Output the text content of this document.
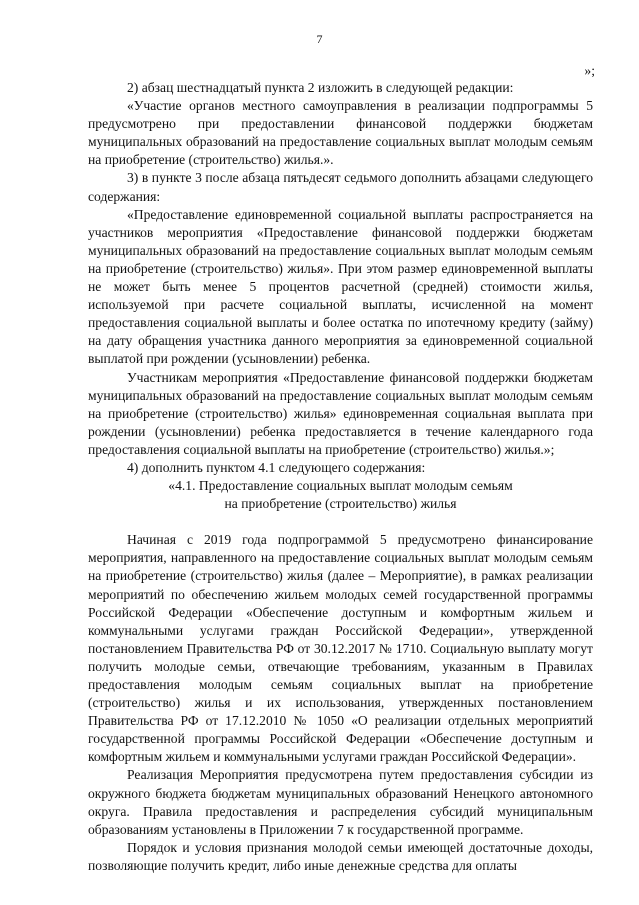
7
»;

2) абзац шестнадцатый пункта 2 изложить в следующей редакции:

«Участие органов местного самоуправления в реализации подпрограммы 5 предусмотрено при предоставлении финансовой поддержки бюджетам муниципальных образований на предоставление социальных выплат молодым семьям на приобретение (строительство) жилья.».

3) в пункте 3 после абзаца пятьдесят седьмого дополнить абзацами следующего содержания:

«Предоставление единовременной социальной выплаты распространяется на участников мероприятия «Предоставление финансовой поддержки бюджетам муниципальных образований на предоставление социальных выплат молодым семьям на приобретение (строительство) жилья». При этом размер единовременной выплаты не может быть менее 5 процентов расчетной (средней) стоимости жилья, используемой при расчете социальной выплаты, исчисленной на момент предоставления социальной выплаты и более остатка по ипотечному кредиту (займу) на дату обращения участника данного мероприятия за единовременной социальной выплатой при рождении (усыновлении) ребенка.

Участникам мероприятия «Предоставление финансовой поддержки бюджетам муниципальных образований на предоставление социальных выплат молодым семьям на приобретение (строительство) жилья» единовременная социальная выплата при рождении (усыновлении) ребенка предоставляется в течение календарного года предоставления социальной выплаты на приобретение (строительство) жилья.»;

4) дополнить пунктом 4.1 следующего содержания:

«4.1. Предоставление социальных выплат молодым семьям
на приобретение (строительство) жилья

Начиная с 2019 года подпрограммой 5 предусмотрено финансирование мероприятия, направленного на предоставление социальных выплат молодым семьям на приобретение (строительство) жилья (далее – Мероприятие), в рамках реализации мероприятий по обеспечению жильем молодых семей государственной программы Российской Федерации «Обеспечение доступным и комфортным жильем и коммунальными услугами граждан Российской Федерации», утвержденной постановлением Правительства РФ от 30.12.2017 № 1710. Социальную выплату могут получить молодые семьи, отвечающие требованиям, указанным в Правилах предоставления молодым семьям социальных выплат на приобретение (строительство) жилья и их использования, утвержденных постановлением Правительства РФ от 17.12.2010 № 1050 «О реализации отдельных мероприятий государственной программы Российской Федерации «Обеспечение доступным и комфортным жильем и коммунальными услугами граждан Российской Федерации».

Реализация Мероприятия предусмотрена путем предоставления субсидии из окружного бюджета бюджетам муниципальных образований Ненецкого автономного округа. Правила предоставления и распределения субсидий муниципальным образованиям установлены в Приложении 7 к государственной программе.

Порядок и условия признания молодой семьи имеющей достаточные доходы, позволяющие получить кредит, либо иные денежные средства для оплаты
